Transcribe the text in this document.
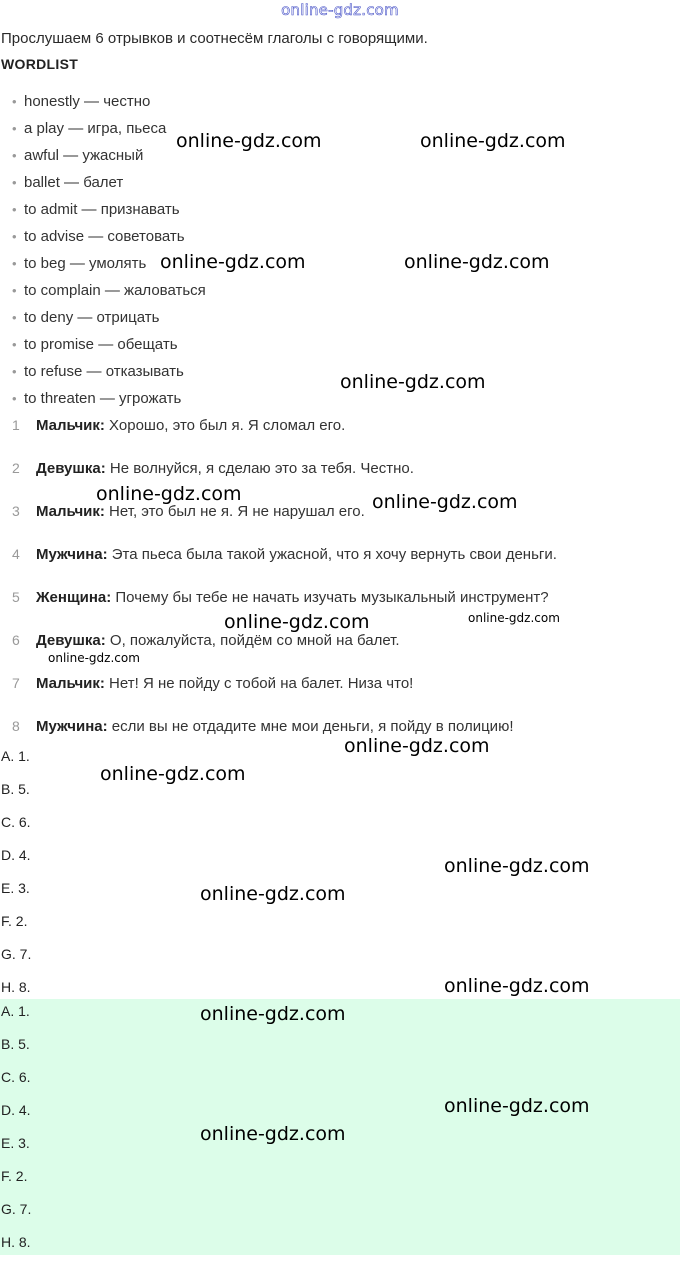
online-gdz.com
Прослушаем 6 отрывков и соотнесём глаголы с говорящими.
WORDLIST
• honestly — честно
• a play — игра, пьеса
• awful — ужасный
• ballet — балет
• to admit — признавать
• to advise — советовать
• to beg — умолять
• to complain — жаловаться
• to deny — отрицать
• to promise — обещать
• to refuse — отказывать
• to threaten — угрожать
1 Мальчик: Хорошо, это был я. Я сломал его.
2 Девушка: Не волнуйся, я сделаю это за тебя. Честно.
3 Мальчик: Нет, это был не я. Я не нарушал его.
4 Мужчина: Эта пьеса была такой ужасной, что я хочу вернуть свои деньги.
5 Женщина: Почему бы тебе не начать изучать музыкальный инструмент?
6 Девушка: О, пожалуйста, пойдём со мной на балет.
7 Мальчик: Нет! Я не пойду с тобой на балет. Низа что!
8 Мужчина: если вы не отдадите мне мои деньги, я пойду в полицию!
A. 1.
B. 5.
C. 6.
D. 4.
E. 3.
F. 2.
G. 7.
H. 8.
A. 1.
B. 5.
C. 6.
D. 4.
E. 3.
F. 2.
G. 7.
H. 8.
online-gdz.com	online-gdz.com
online-gdz.com	online-gdz.com
online-gdz.com
online-gdz.com	online-gdz.com
online-gdz.com	online-gdz.com
online-gdz.com
online-gdz.com
online-gdz.com
online-gdz.com
online-gdz.com
online-gdz.com
online-gdz.com
online-gdz.com
online-gdz.com
